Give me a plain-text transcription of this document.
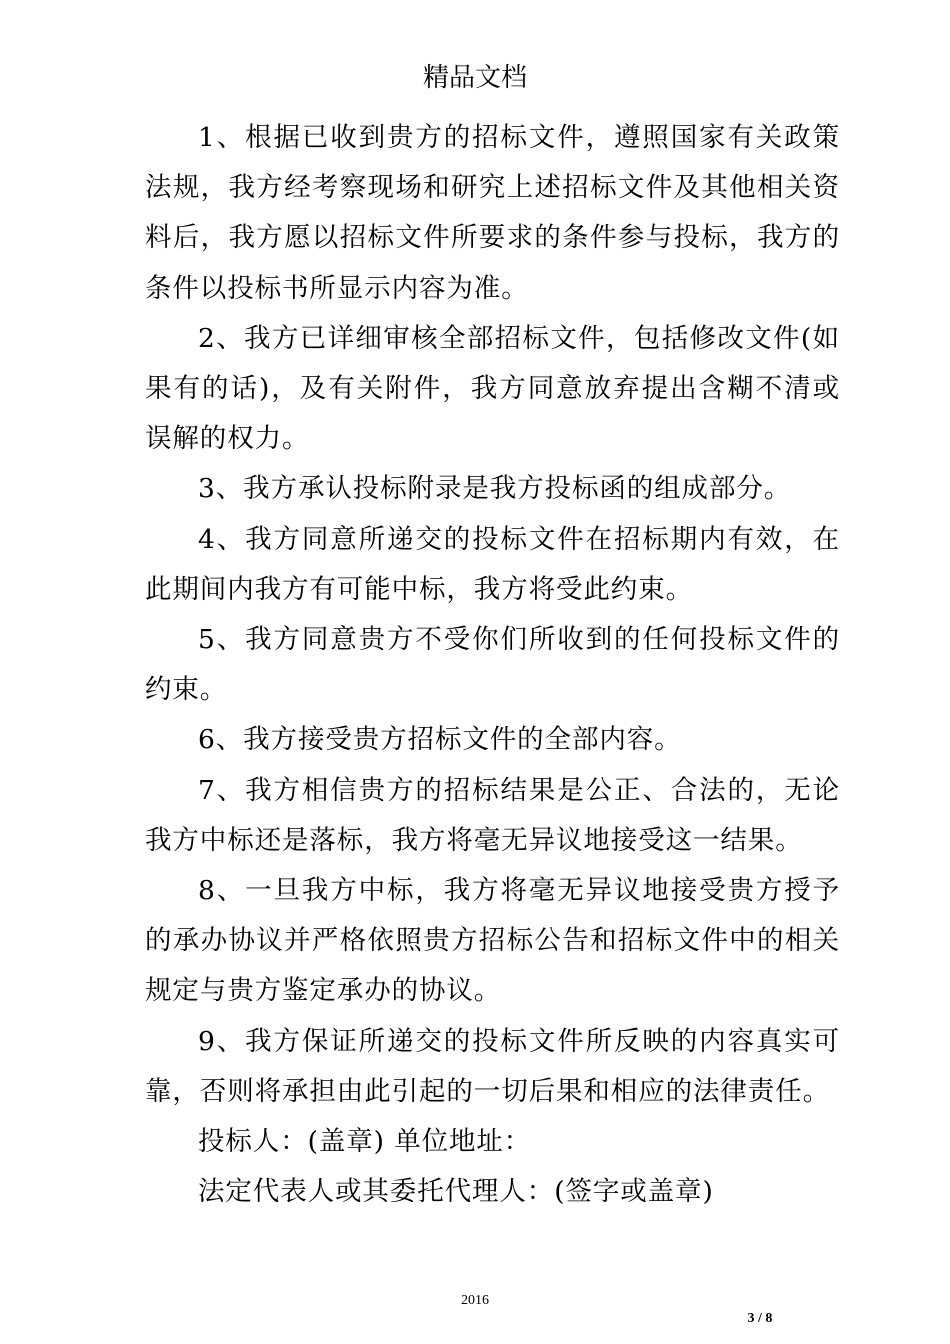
精品文档

1、根据已收到贵方的招标文件，遵照国家有关政策法规，我方经考察现场和研究上述招标文件及其他相关资料后，我方愿以招标文件所要求的条件参与投标，我方的条件以投标书所显示内容为准。

2、我方已详细审核全部招标文件，包括修改文件(如果有的话)，及有关附件，我方同意放弃提出含糊不清或误解的权力。

3、我方承认投标附录是我方投标函的组成部分。

4、我方同意所递交的投标文件在招标期内有效，在此期间内我方有可能中标，我方将受此约束。

5、我方同意贵方不受你们所收到的任何投标文件的约束。

6、我方接受贵方招标文件的全部内容。

7、我方相信贵方的招标结果是公正、合法的，无论我方中标还是落标，我方将毫无异议地接受这一结果。

8、一旦我方中标，我方将毫无异议地接受贵方授予的承办协议并严格依照贵方招标公告和招标文件中的相关规定与贵方鉴定承办的协议。

9、我方保证所递交的投标文件所反映的内容真实可靠，否则将承担由此引起的一切后果和相应的法律责任。

投标人：(盖章) 单位地址：

法定代表人或其委托代理人：(签字或盖章)

2016
3 / 8
